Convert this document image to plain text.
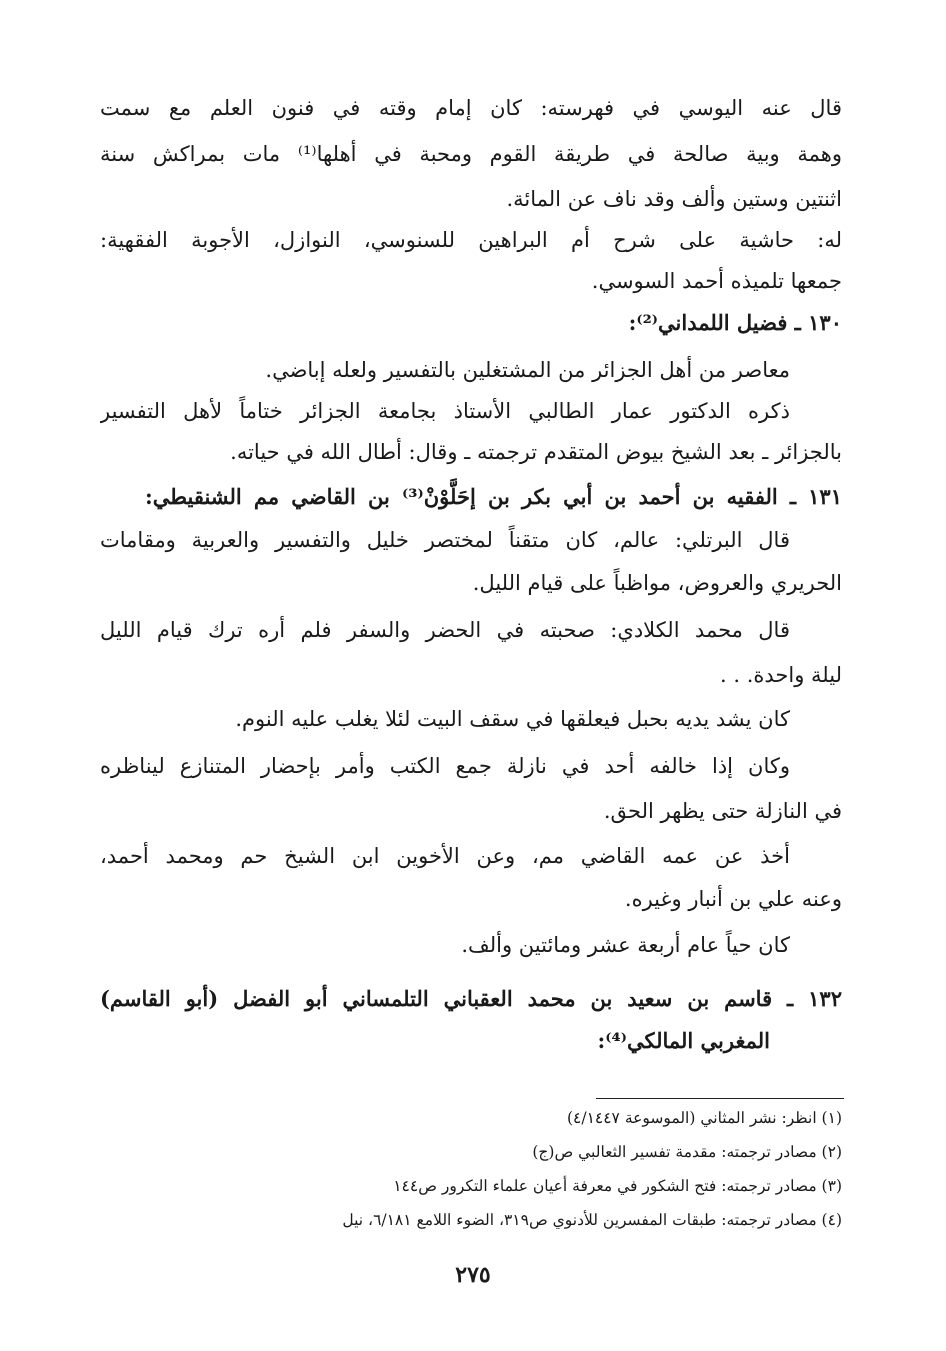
قال عنه اليوسي في فهرسته: كان إمام وقته في فنون العلم مع سمت
وهمة وبية صالحة في طريقة القوم ومحبة في أهلها⁽¹⁾ مات بمراكش سنة
اثنتين وستين وألف وقد ناف عن المائة.
له: حاشية على شرح أم البراهين للسنوسي، النوازل، الأجوبة الفقهية:
جمعها تلميذه أحمد السوسي.
١٣٠ ـ فضيل اللمداني⁽²⁾:
معاصر من أهل الجزائر من المشتغلين بالتفسير ولعله إباضي.
ذكره الدكتور عمار الطالبي الأستاذ بجامعة الجزائر ختاماً لأهل التفسير
بالجزائر ـ بعد الشيخ بيوض المتقدم ترجمته ـ وقال: أطال الله في حياته.
١٣١ ـ الفقيه بن أحمد بن أبي بكر بن إحَلَّوْنْ⁽³⁾ بن القاضي مم الشنقيطي:
قال البرتلي: عالم، كان متقناً لمختصر خليل والتفسير والعربية ومقامات
الحريري والعروض، مواظباً على قيام الليل.
قال محمد الكلادي: صحبته في الحضر والسفر فلم أره ترك قيام الليل
ليلة واحدة. . .
كان يشد يديه بحبل فيعلقها في سقف البيت لئلا يغلب عليه النوم.
وكان إذا خالفه أحد في نازلة جمع الكتب وأمر بإحضار المتنازع ليناظره
في النازلة حتى يظهر الحق.
أخذ عن عمه القاضي مم، وعن الأخوين ابن الشيخ حم ومحمد أحمد،
وعنه علي بن أنبار وغيره.
كان حياً عام أربعة عشر ومائتين وألف.
١٣٢ ـ قاسم بن سعيد بن محمد العقباني التلمساني أبو الفضل (أبو القاسم)
المغربي المالكي⁽⁴⁾:
(١) انظر: نشر المثاني (الموسوعة ٤/١٤٤٧)
(٢) مصادر ترجمته: مقدمة تفسير الثعالبي ص(ج)
(٣) مصادر ترجمته: فتح الشكور في معرفة أعيان علماء التكرور ص١٤٤
(٤) مصادر ترجمته: طبقات المفسرين للأدنوي ص٣١٩، الضوء اللامع ٦/١٨١، نيل
٢٧٥
